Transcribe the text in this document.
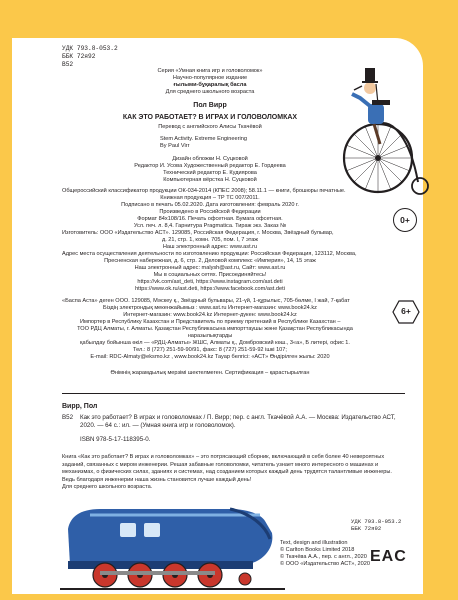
УДК 793.8-053.2
ББК 72я92
В52
Серия «Умная книга игр и головоломок»
Научно-популярное издание
ғылыми-бұқаралық басла
Для среднего школьного возраста
Пол Вирр
КАК ЭТО РАБОТАЕТ? В ИГРАХ И ГОЛОВОЛОМКАХ
Перевод с английского Алисы Ткачёвой
Stem Activity. Extreme Engineering
By Paul Virr
Дизайн обложки Н. Суцковой
Редактор И. Усова Художественный редактор Е. Гордеева
Технический редактор Е. Кудиярова
Компьютерная вёрстка Н. Суцковой
Общероссийский классификатор продукции ОК-034-2014 (КПЕС 2008); 58.11.1 — книги, брошюры печатные.
Книжная продукция – ТР ТС 007/2011.
Подписано в печать 05.02.2020. Дата изготовления: февраль 2020 г.
Произведено в Российской Федерации
Формат 84х108/16. Печать офсетная. Бумага офсетная.
Усл. печ. л. 8,4. Гарнитура Pragmatica. Тираж экз. Заказ №
Изготовитель: ООО «Издательство АСТ». 129085, Российская Федерация, г. Москва, Звёздный бульвар,
д. 21, стр. 1, комн. 705, пом. I, 7 этаж
Наш электронный адрес: www.ast.ru
Адрес места осуществления деятельности по изготовлению продукции: Российская Федерация, 123112, Москва,
Пресненская набережная, д. 6, стр. 2, Деловой комплекс «Империя», 14, 15 этаж
Наш электронный адрес: malysh@ast.ru, Сайт: www.ast.ru
Мы в социальных сетях. Присоединяйтесь!
https://vk.com/ast_deti, https://www.instagram.com/ast.deti
https://www.ok.ru/ast.deti, https://www.facebook.com/ast.deti
0+
«Баспа Аста» деген ООО. 129085, Мәскеу қ., Звёздный бульвары, 21-үй, 1-құрылыс, 705-бөлме, I жай, 7-қабат
Біздің электрондық мекенжайымыз : www.ast.ru Интернет-магазин: www.book24.kz
Интернет-магазин: www.book24.kz Интернет-дүкен: www.book24.kz
Импортер в Республику Казахстан и Представитель по приему претензий в Республике Казахстан –
ТОО РДЦ Алматы, г. Алматы. Қазақстан Республикасына импорттаушы және Қазақстан Республикасында
наразылықтарды
қабылдау бойынша өкіл — «РДЦ-Алматы» ЖШС, Алматы қ., Домбровский көш., 3«а», Б литері, офис 1.
Тел.: 8 (727) 251-59-90/91, факс: 8 (727) 251-59-92 ішкі 107;
E-mail: RDC-Almaty@eksmo.kz , www.book24.kz Тауар белгісі: «АСТ» Өндірілген жылы: 2020
6+
Өнімнің жарамдылық мерзімі шектелмеген. Сертификация – қарастырылған
Вирр, Пол
В52 Как это работает? В играх и головоломках / П. Вирр; пер. с англ. Ткачёвой А.А. — Москва: Издательство АСТ, 2020. — 64 с.: ил. — (Умная книга игр и головоломок).
ISBN 978-5-17-118395-0.
Книга «Как это работает? В играх и головоломках» – это потрясающий сборник, включающий в себя более 40 невероятных заданий, связанных с миром инженерии. Решая забавные головоломки, читатель узнает много интересного о машинах и механизмах, о физических силах, зданиях и системах, над созданием которых каждый день трудятся талантливые инженеры.
Ведь благодаря инженерии наша жизнь становится лучше каждый день!
Для среднего школьного возраста.
УДК 793.8-053.2
ББК 72я92
Text, design and illustration
© Carlton Books Limited 2018
© Ткачёва А.А., пер. с англ., 2020
© ООО «Издательство АСТ», 2020 EAC
